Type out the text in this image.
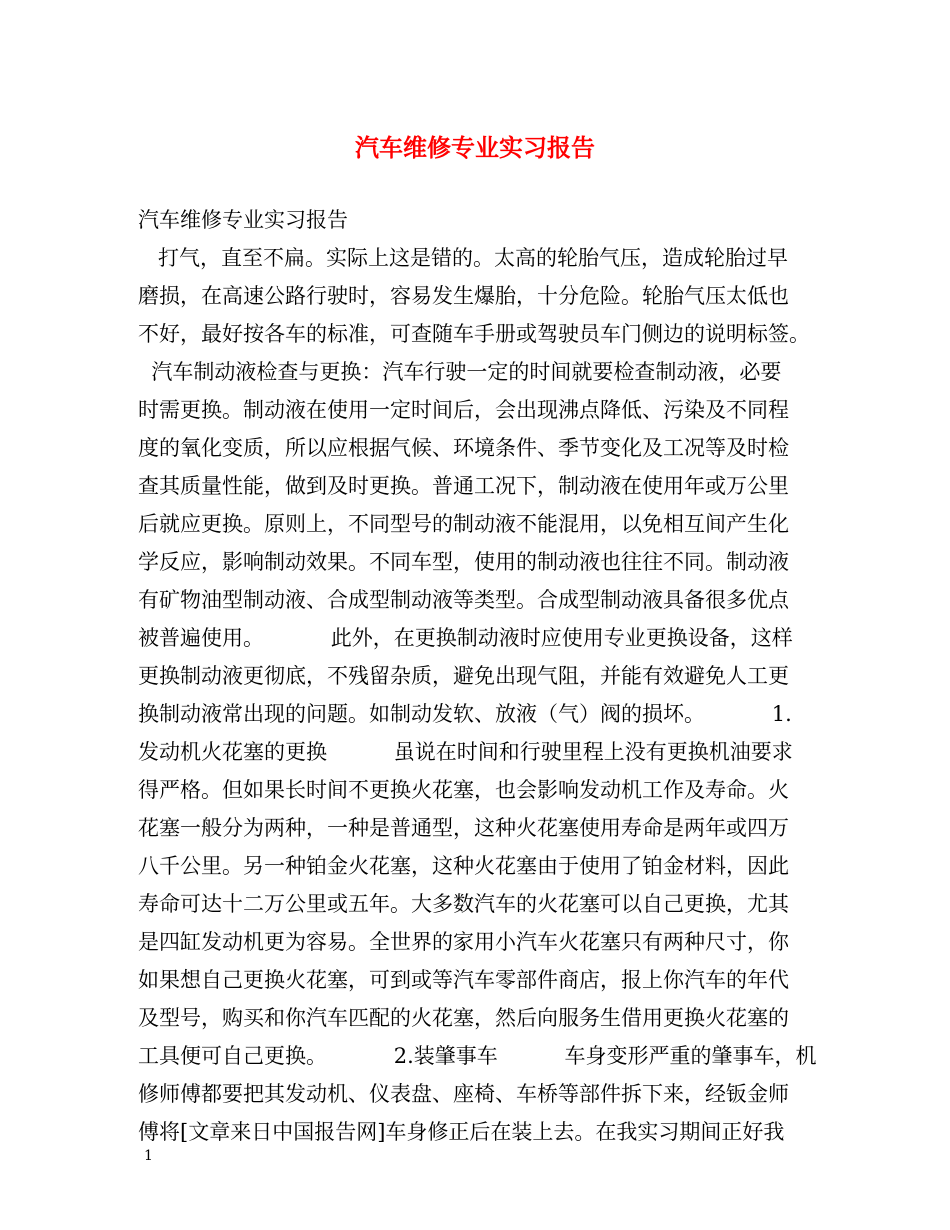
汽车维修专业实习报告
汽车维修专业实习报告
打气，直至不扁。实际上这是错的。太高的轮胎气压，造成轮胎过早
磨损，在高速公路行驶时，容易发生爆胎，十分危险。轮胎气压太低也
不好，最好按各车的标准，可查随车手册或驾驶员车门侧边的说明标签。
汽车制动液检查与更换：汽车行驶一定的时间就要检查制动液，必要
时需更换。制动液在使用一定时间后，会出现沸点降低、污染及不同程
度的氧化变质，所以应根据气候、环境条件、季节变化及工况等及时检
查其质量性能，做到及时更换。普通工况下，制动液在使用年或万公里
后就应更换。原则上，不同型号的制动液不能混用，以免相互间产生化
学反应，影响制动效果。不同车型，使用的制动液也往往不同。制动液
有矿物油型制动液、合成型制动液等类型。合成型制动液具备很多优点
被普遍使用。          此外，在更换制动液时应使用专业更换设备，这样
更换制动液更彻底，不残留杂质，避免出现气阻，并能有效避免人工更
换制动液常出现的问题。如制动发软、放液（气）阀的损坏。          1.
发动机火花塞的更换          虽说在时间和行驶里程上没有更换机油要求
得严格。但如果长时间不更换火花塞，也会影响发动机工作及寿命。火
花塞一般分为两种，一种是普通型，这种火花塞使用寿命是两年或四万
八千公里。另一种铂金火花塞，这种火花塞由于使用了铂金材料，因此
寿命可达十二万公里或五年。大多数汽车的火花塞可以自己更换，尤其
是四缸发动机更为容易。全世界的家用小汽车火花塞只有两种尺寸，你
如果想自己更换火花塞，可到或等汽车零部件商店，报上你汽车的年代
及型号，购买和你汽车匹配的火花塞，然后向服务生借用更换火花塞的
工具便可自己更换。          2.装肇事车          车身变形严重的肇事车，机
修师傅都要把其发动机、仪表盘、座椅、车桥等部件拆下来，经钣金师
傅将[文章来日中国报告网]车身修正后在装上去。在我实习期间正好我
1
